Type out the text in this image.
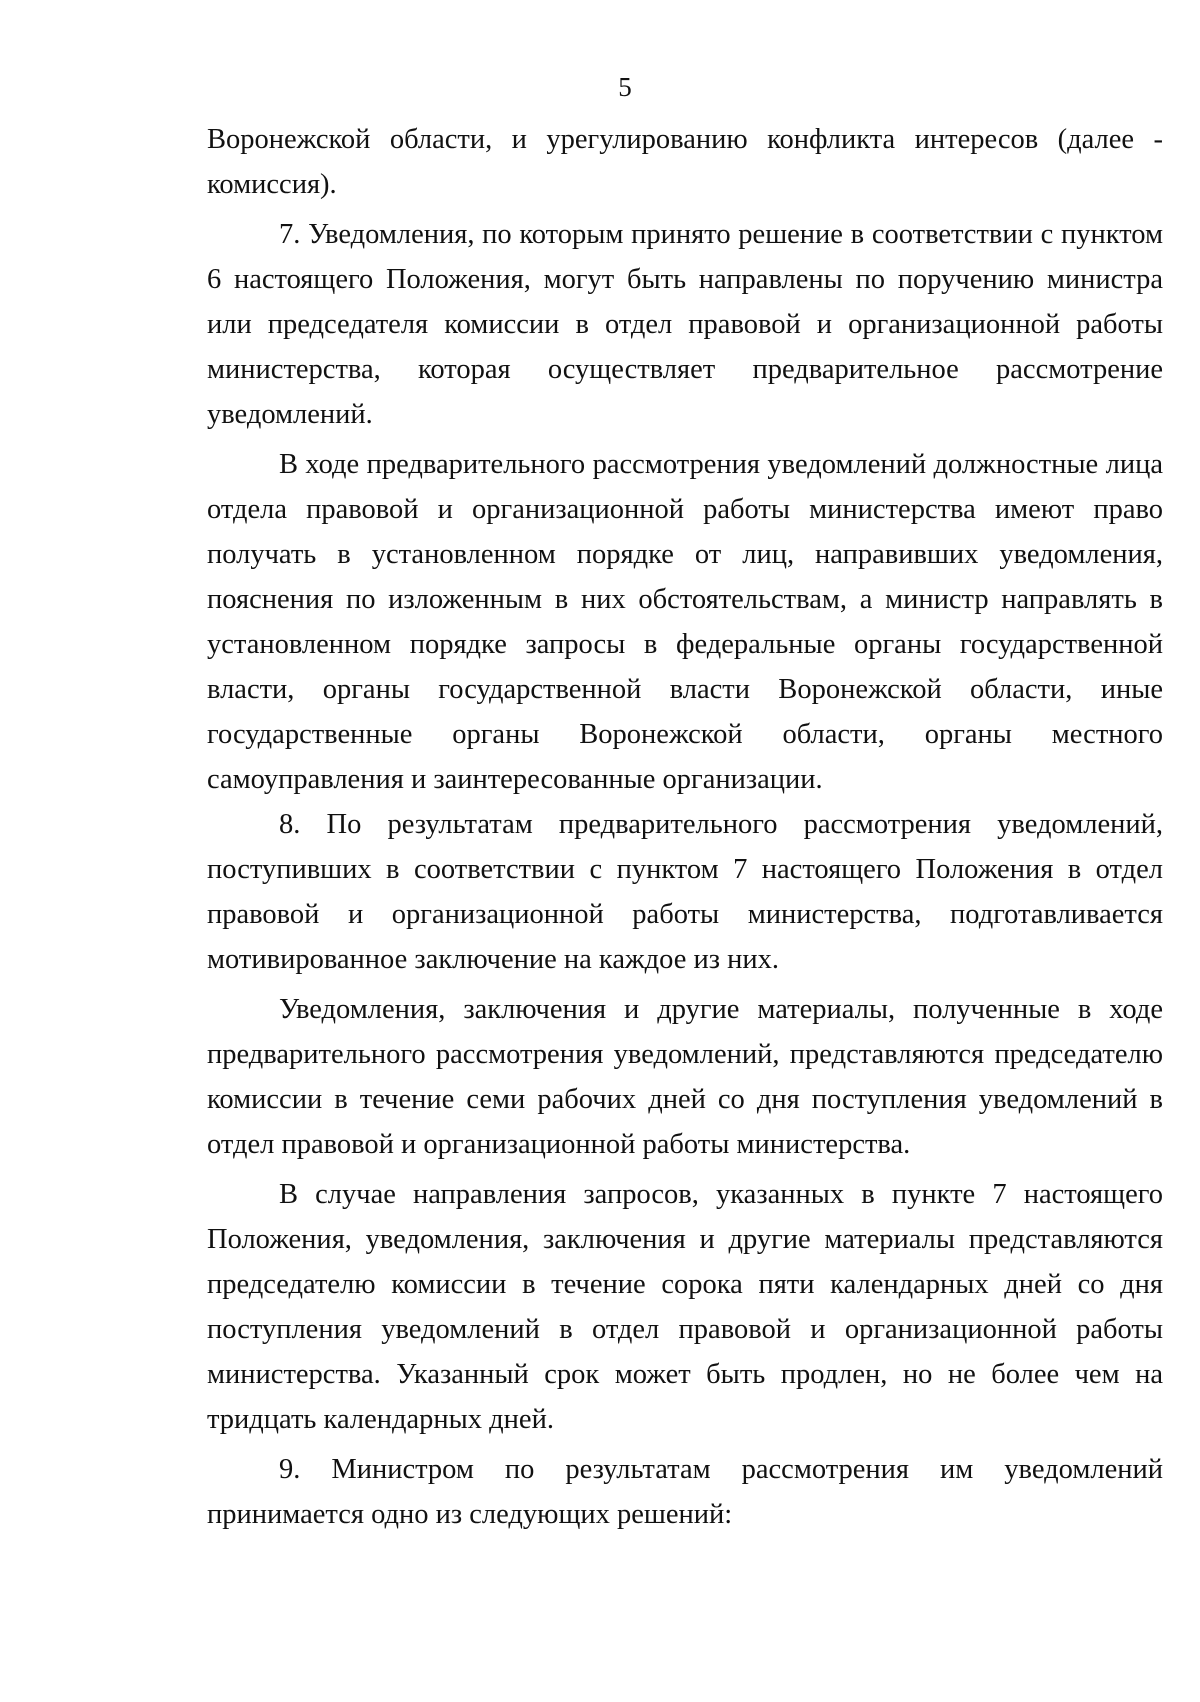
5

Воронежской области, и урегулированию конфликта интересов (далее - комиссия).

7. Уведомления, по которым принято решение в соответствии с пунктом 6 настоящего Положения, могут быть направлены по поручению министра или председателя комиссии в отдел правовой и организационной работы министерства, которая осуществляет предварительное рассмотрение уведомлений.

В ходе предварительного рассмотрения уведомлений должностные лица отдела правовой и организационной работы министерства имеют право получать в установленном порядке от лиц, направивших уведомления, пояснения по изложенным в них обстоятельствам, а министр направлять в установленном порядке запросы в федеральные органы государственной власти, органы государственной власти Воронежской области, иные государственные органы Воронежской области, органы местного самоуправления и заинтересованные организации.

8. По результатам предварительного рассмотрения уведомлений, поступивших в соответствии с пунктом 7 настоящего Положения в отдел правовой и организационной работы министерства, подготавливается мотивированное заключение на каждое из них.

Уведомления, заключения и другие материалы, полученные в ходе предварительного рассмотрения уведомлений, представляются председателю комиссии в течение семи рабочих дней со дня поступления уведомлений в отдел правовой и организационной работы министерства.

В случае направления запросов, указанных в пункте 7 настоящего Положения, уведомления, заключения и другие материалы представляются председателю комиссии в течение сорока пяти календарных дней со дня поступления уведомлений в отдел правовой и организационной работы министерства. Указанный срок может быть продлен, но не более чем на тридцать календарных дней.

9. Министром по результатам рассмотрения им уведомлений принимается одно из следующих решений:
